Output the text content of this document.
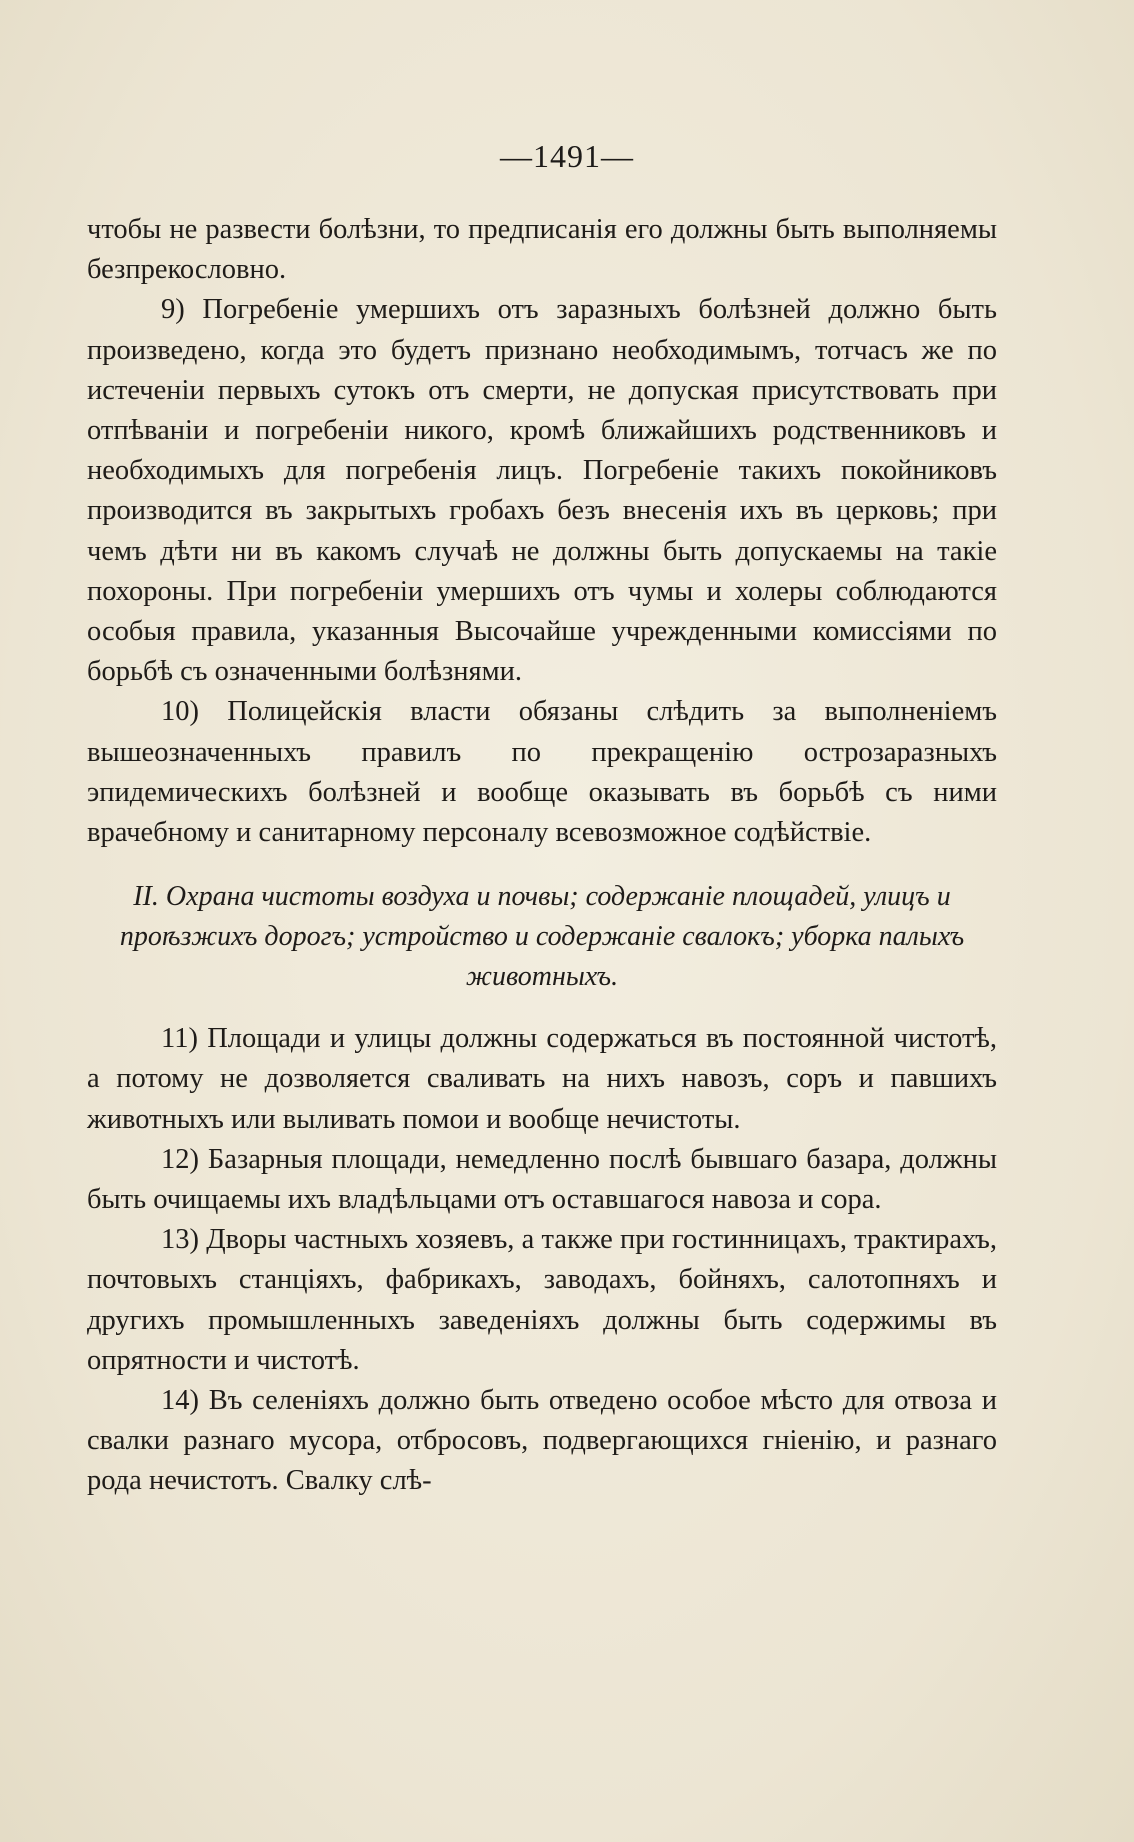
—1491—

чтобы не развести болѣзни, то предписанія его должны быть выполняемы безпрекословно.

9) Погребеніе умершихъ отъ заразныхъ болѣзней должно быть произведено, когда это будетъ признано необходимымъ, тотчасъ же по истеченіи первыхъ сутокъ отъ смерти, не допуская присутствовать при отпѣваніи и погребеніи никого, кромѣ ближайшихъ родственниковъ и необходимыхъ для погребенія лицъ. Погребеніе такихъ покойниковъ производится въ закрытыхъ гробахъ безъ внесенія ихъ въ церковь; при чемъ дѣти ни въ какомъ случаѣ не должны быть допускаемы на такіе похороны. При погребеніи умершихъ отъ чумы и холеры соблюдаются особыя правила, указанныя Высочайше учрежденными комиссіями по борьбѣ съ означенными болѣзнями.

10) Полицейскія власти обязаны слѣдить за выполненіемъ вышеозначенныхъ правилъ по прекращенію острозаразныхъ эпидемическихъ болѣзней и вообще оказывать въ борьбѣ съ ними врачебному и санитарному персоналу всевозможное содѣйствіе.

II. Охрана чистоты воздуха и почвы; содержаніе площадей, улицъ и проѣзжихъ дорогъ; устройство и содержаніе свалокъ; уборка палыхъ животныхъ.

11) Площади и улицы должны содержаться въ постоянной чистотѣ, а потому не дозволяется сваливать на нихъ навозъ, соръ и павшихъ животныхъ или выливать помои и вообще нечистоты.

12) Базарныя площади, немедленно послѣ бывшаго базара, должны быть очищаемы ихъ владѣльцами отъ оставшагося навоза и сора.

13) Дворы частныхъ хозяевъ, а также при гостинницахъ, трактирахъ, почтовыхъ станціяхъ, фабрикахъ, заводахъ, бойняхъ, салотопняхъ и другихъ промышленныхъ заведеніяхъ должны быть содержимы въ опрятности и чистотѣ.

14) Въ селеніяхъ должно быть отведено особое мѣсто для отвоза и свалки разнаго мусора, отбросовъ, подвергающихся гніенію, и разнаго рода нечистотъ. Свалку слѣ-
